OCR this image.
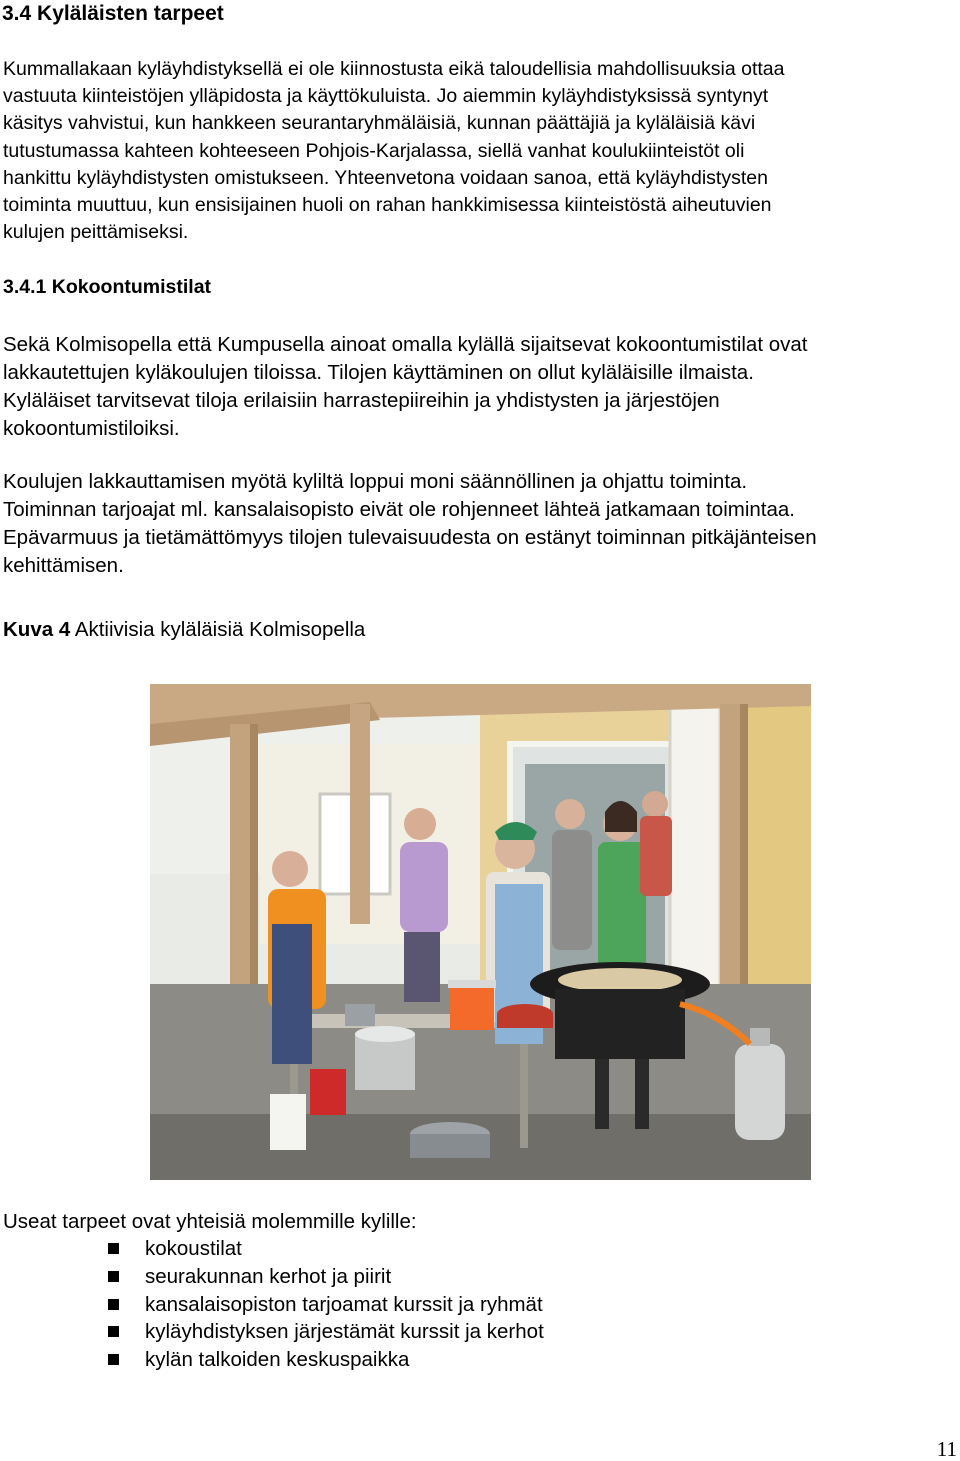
3.4 Kyläläisten tarpeet

Kummallakaan kyläyhdistyksellä ei ole kiinnostusta eikä taloudellisia mahdollisuuksia ottaa
vastuuta kiinteistöjen ylläpidosta ja käyttökuluista. Jo aiemmin kyläyhdistyksissä syntynyt
käsitys vahvistui, kun hankkeen seurantaryhmäläisiä, kunnan päättäjiä ja kyläläisiä kävi
tutustumassa kahteen kohteeseen Pohjois-Karjalassa, siellä vanhat koulukiinteistöt oli
hankittu kyläyhdistysten omistukseen. Yhteenvetona voidaan sanoa, että kyläyhdistysten
toiminta muuttuu, kun ensisijainen huoli on rahan hankkimisessa kiinteistöstä aiheutuvien
kulujen peittämiseksi.

3.4.1 Kokoontumistilat

Sekä Kolmisopella että Kumpusella ainoat omalla kylällä sijaitsevat kokoontumistilat ovat
lakkautettujen kyläkoulujen tiloissa. Tilojen käyttäminen on ollut kyläläisille ilmaista.
Kyläläiset tarvitsevat tiloja erilaisiin harrastepiireihin ja yhdistysten ja järjestöjen
kokoontumistiloiksi.

Koulujen lakkauttamisen myötä kyliltä loppui moni säännöllinen ja ohjattu toiminta.
Toiminnan tarjoajat ml. kansalaisopisto eivät ole rohjenneet lähteä jatkamaan toimintaa.
Epävarmuus ja tietämättömyys tilojen tulevaisuudesta on estänyt toiminnan pitkäjänteisen
kehittämisen.

Kuva 4 Aktiivisia kyläläisiä Kolmisopella

Useat tarpeet ovat yhteisiä molemmille kylille:

kokoustilat
seurakunnan kerhot ja piirit
kansalaisopiston tarjoamat kurssit ja ryhmät
kyläyhdistyksen järjestämät kurssit ja kerhot
kylän talkoiden keskuspaikka

11
